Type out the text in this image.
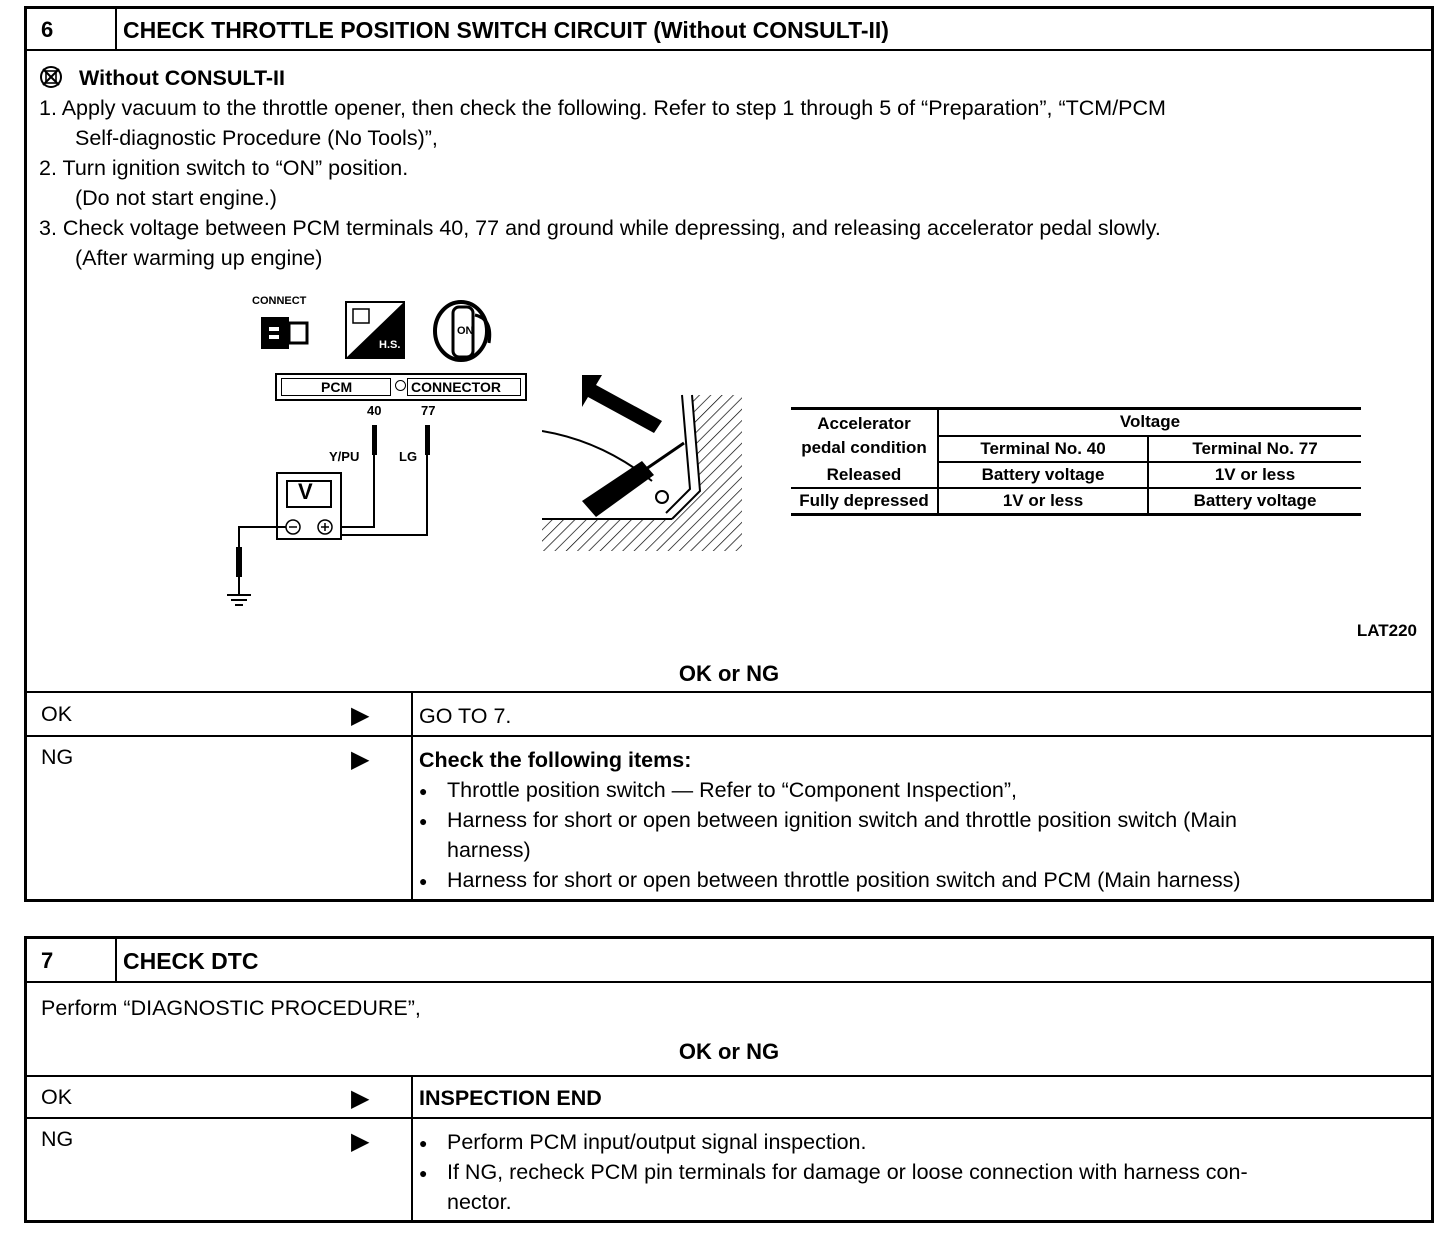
6	CHECK THROTTLE POSITION SWITCH CIRCUIT (Without CONSULT-II)
Without CONSULT-II
1. Apply vacuum to the throttle opener, then check the following. Refer to step 1 through 5 of “Preparation”, “TCM/PCM
Self-diagnostic Procedure (No Tools)”,
2. Turn ignition switch to “ON” position.
(Do not start engine.)
3. Check voltage between PCM terminals 40, 77 and ground while depressing, and releasing accelerator pedal slowly.
(After warming up engine)
CONNECT
H.S.
ON
PCM	CONNECTOR
40	77
Y/PU	LG
V
Accelerator
pedal condition	Voltage	
	Terminal No. 40	Terminal No. 77
Released	Battery voltage	1V or less
Fully depressed	1V or less	Battery voltage
LAT220
OK or NG
OK	▶ GO TO 7.
NG	▶ Check the following items:
● Throttle position switch — Refer to “Component Inspection”,
● Harness for short or open between ignition switch and throttle position switch (Main
harness)
● Harness for short or open between throttle position switch and PCM (Main harness)
7	CHECK DTC
Perform “DIAGNOSTIC PROCEDURE”,
OK or NG
OK	▶ INSPECTION END
NG	▶	● Perform PCM input/output signal inspection.
● If NG, recheck PCM pin terminals for damage or loose connection with harness con-
nector.
